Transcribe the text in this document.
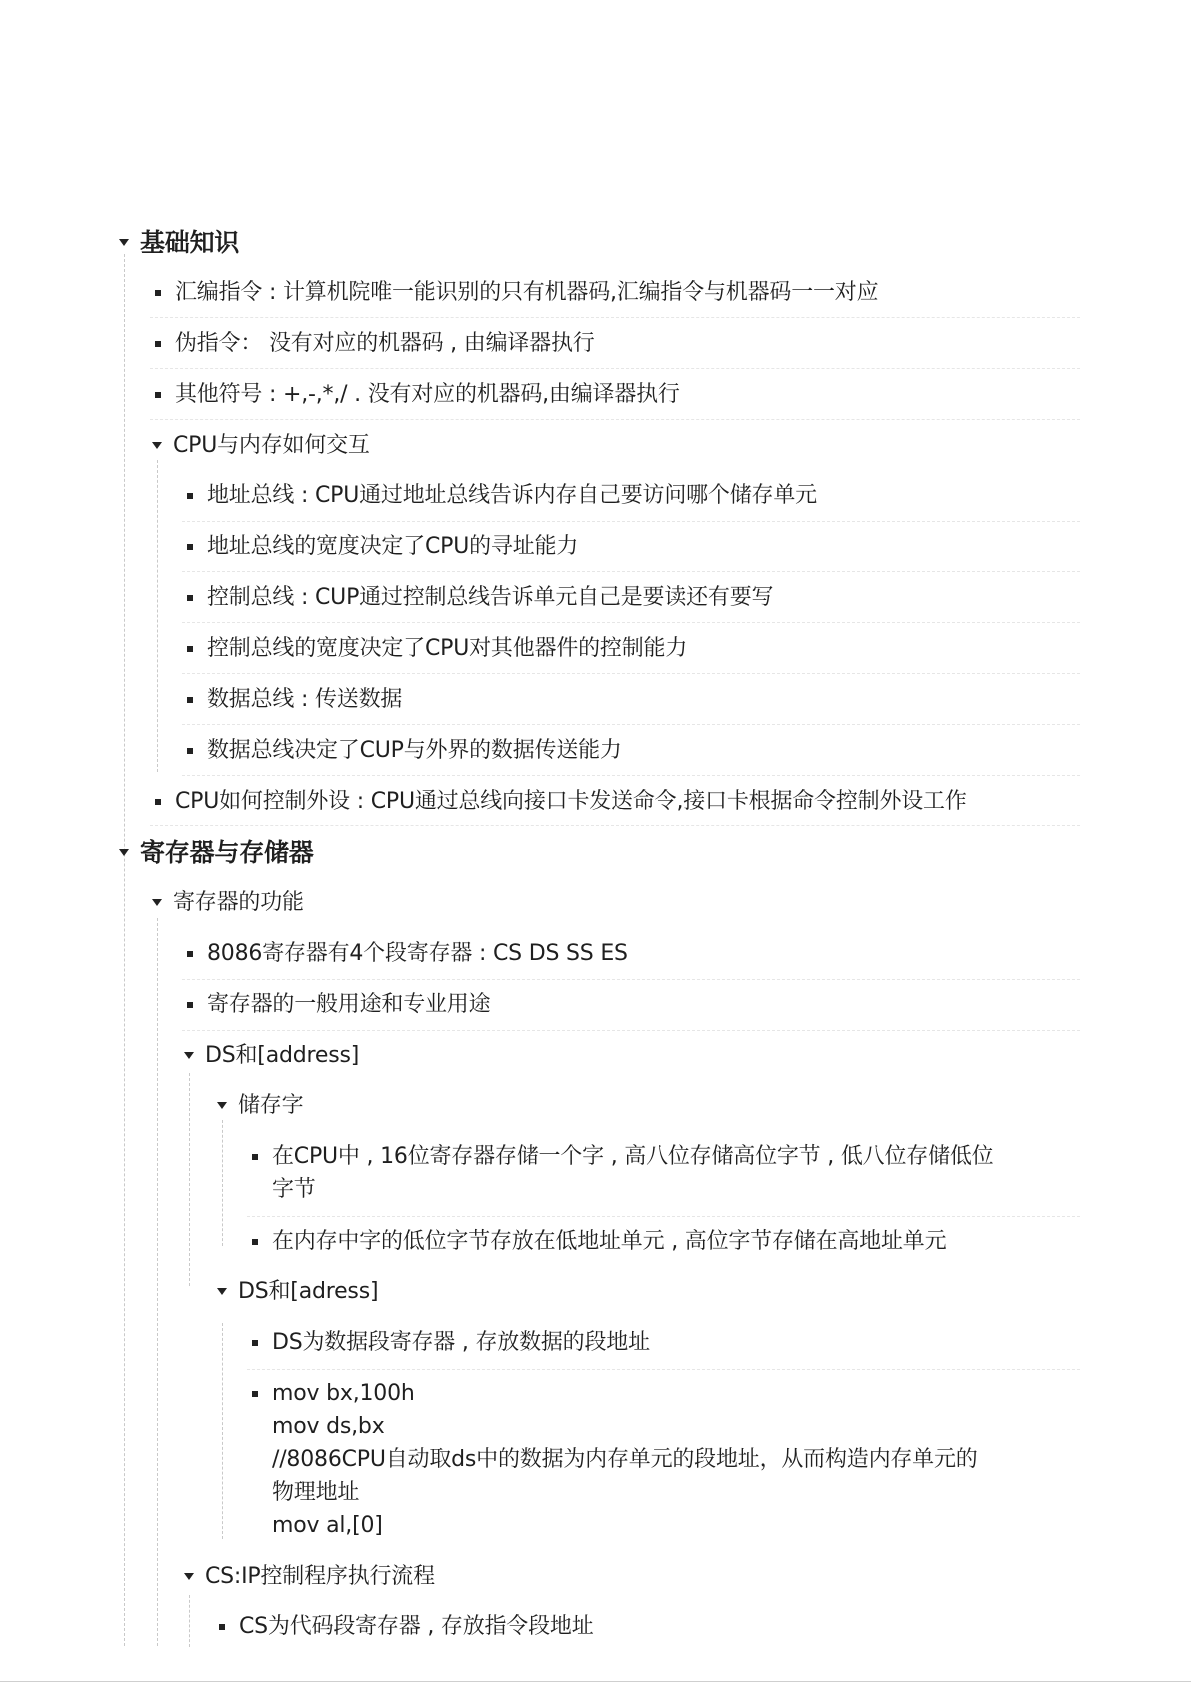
基础知识
汇编指令 : 计算机院唯一能识别的只有机器码,汇编指令与机器码一一对应
伪指令： 没有对应的机器码 , 由编译器执行
其他符号 : +,-,*,/ . 没有对应的机器码,由编译器执行
CPU与内存如何交互
地址总线 : CPU通过地址总线告诉内存自己要访问哪个储存单元
地址总线的宽度决定了CPU的寻址能力
控制总线 : CUP通过控制总线告诉单元自己是要读还有要写
控制总线的宽度决定了CPU对其他器件的控制能力
数据总线 : 传送数据
数据总线决定了CUP与外界的数据传送能力
CPU如何控制外设 : CPU通过总线向接口卡发送命令,接口卡根据命令控制外设工作
寄存器与存储器
寄存器的功能
8086寄存器有4个段寄存器 : CS DS SS ES
寄存器的一般用途和专业用途
DS和[address]
储存字
在CPU中 , 16位寄存器存储一个字 , 高八位存储高位字节 , 低八位存储低位
字节
在内存中字的低位字节存放在低地址单元 , 高位字节存储在高地址单元
DS和[adress]
DS为数据段寄存器 , 存放数据的段地址
mov bx,100h
mov ds,bx
//8086CPU自动取ds中的数据为内存单元的段地址，从而构造内存单元的
物理地址
mov al,[0]
CS:IP控制程序执行流程
CS为代码段寄存器 , 存放指令段地址
